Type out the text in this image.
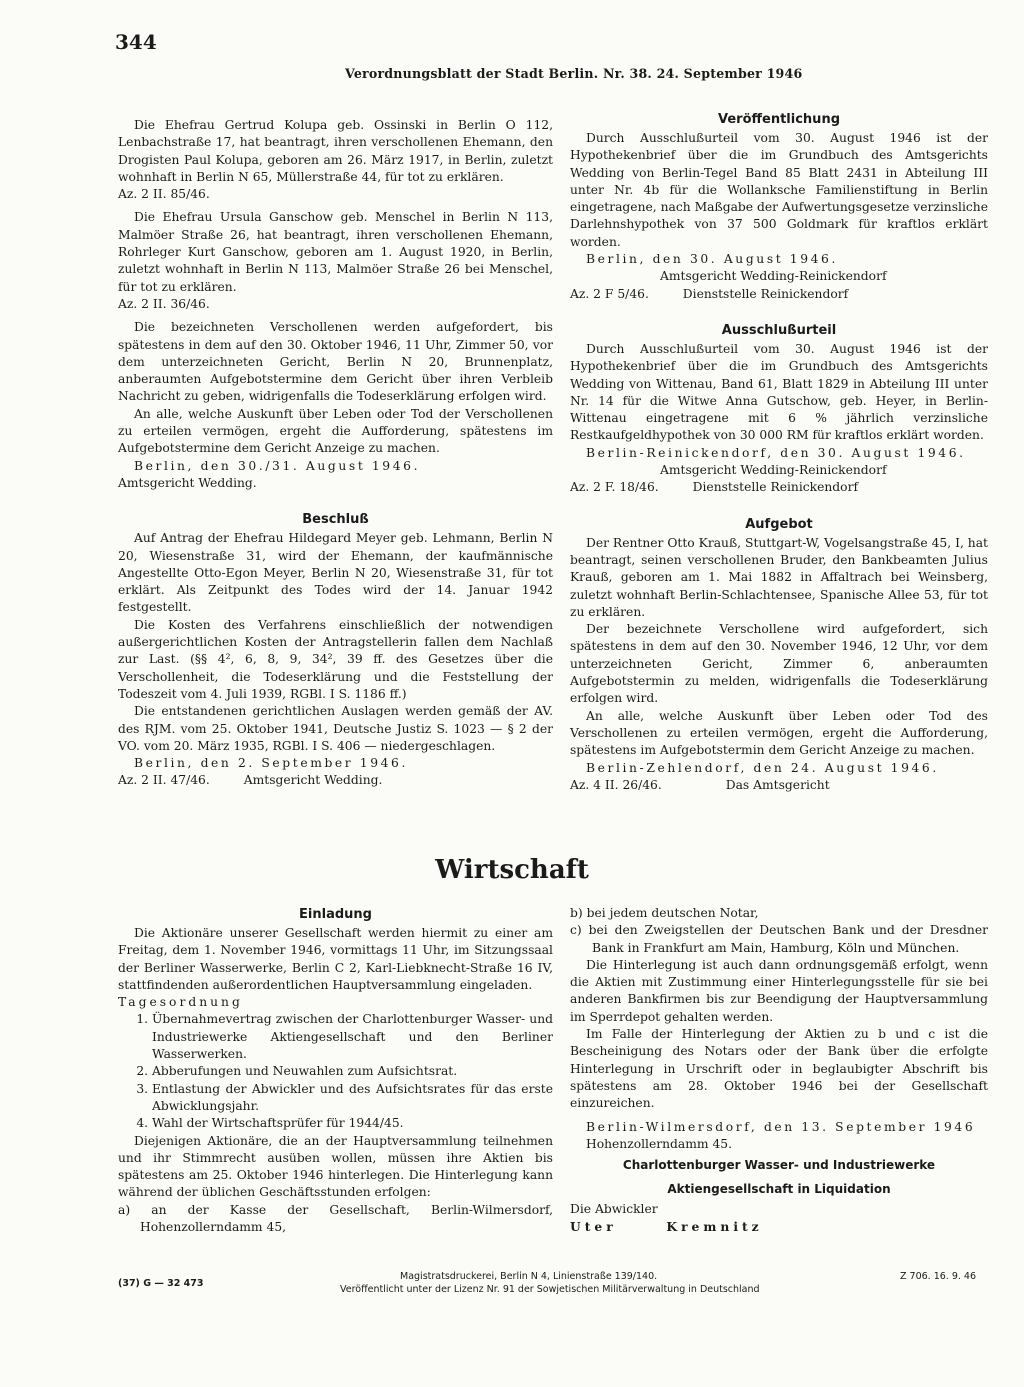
344
Verordnungsblatt der Stadt Berlin. Nr. 38. 24. September 1946

Die Ehefrau Gertrud Kolupa geb. Ossinski in Berlin O 112, Lenbachstraße 17, hat beantragt, ihren verschollenen Ehemann, den Drogisten Paul Kolupa, geboren am 26. März 1917, in Berlin, zuletzt wohnhaft in Berlin N 65, Müllerstraße 44, für tot zu erklären.

Az. 2 II. 85/46.

Die Ehefrau Ursula Ganschow geb. Menschel in Berlin N 113, Malmöer Straße 26, hat beantragt, ihren verschollenen Ehemann, Rohrleger Kurt Ganschow, geboren am 1. August 1920, in Berlin, zuletzt wohnhaft in Berlin N 113, Malmöer Straße 26 bei Menschel, für tot zu erklären.

Az. 2 II. 36/46.

Die bezeichneten Verschollenen werden aufgefordert, bis spätestens in dem auf den 30. Oktober 1946, 11 Uhr, Zimmer 50, vor dem unterzeichneten Gericht, Berlin N 20, Brunnenplatz, anberaumten Aufgebotstermine dem Gericht über ihren Verbleib Nachricht zu geben, widrigenfalls die Todeserklärung erfolgen wird.

An alle, welche Auskunft über Leben oder Tod der Verschollenen zu erteilen vermögen, ergeht die Aufforderung, spätestens im Aufgebotstermine dem Gericht Anzeige zu machen.

Berlin, den 30./31. August 1946.

Amtsgericht Wedding.

Beschluß

Auf Antrag der Ehefrau Hildegard Meyer geb. Lehmann, Berlin N 20, Wiesenstraße 31, wird der Ehemann, der kaufmännische Angestellte Otto-Egon Meyer, Berlin N 20, Wiesenstraße 31, für tot erklärt. Als Zeitpunkt des Todes wird der 14. Januar 1942 festgestellt.

Die Kosten des Verfahrens einschließlich der notwendigen außergerichtlichen Kosten der Antragstellerin fallen dem Nachlaß zur Last. (§§ 4², 6, 8, 9, 34², 39 ff. des Gesetzes über die Verschollenheit, die Todeserklärung und die Feststellung der Todeszeit vom 4. Juli 1939, RGBl. I S. 1186 ff.)

Die entstandenen gerichtlichen Auslagen werden gemäß der AV. des RJM. vom 25. Oktober 1941, Deutsche Justiz S. 1023 — § 2 der VO. vom 20. März 1935, RGBl. I S. 406 — niedergeschlagen.

Berlin, den 2. September 1946.

Az. 2 II. 47/46.	Amtsgericht Wedding.

Veröffentlichung

Durch Ausschlußurteil vom 30. August 1946 ist der Hypothekenbrief über die im Grundbuch des Amtsgerichts Wedding von Berlin-Tegel Band 85 Blatt 2431 in Abteilung III unter Nr. 4b für die Wollanksche Familienstiftung in Berlin eingetragene, nach Maßgabe der Aufwertungsgesetze verzinsliche Darlehnshypothek von 37 500 Goldmark für kraftlos erklärt worden.

Berlin, den 30. August 1946.

Amtsgericht Wedding-Reinickendorf

Az. 2 F 5/46.	Dienststelle Reinickendorf

Ausschlußurteil

Durch Ausschlußurteil vom 30. August 1946 ist der Hypothekenbrief über die im Grundbuch des Amtsgerichts Wedding von Wittenau, Band 61, Blatt 1829 in Abteilung III unter Nr. 14 für die Witwe Anna Gutschow, geb. Heyer, in Berlin-Wittenau eingetragene mit 6 % jährlich verzinsliche Restkaufgeldhypothek von 30 000 RM für kraftlos erklärt worden.

Berlin-Reinickendorf, den 30. August 1946.

Amtsgericht Wedding-Reinickendorf

Az. 2 F. 18/46.	Dienststelle Reinickendorf

Aufgebot

Der Rentner Otto Krauß, Stuttgart-W, Vogelsangstraße 45, I, hat beantragt, seinen verschollenen Bruder, den Bankbeamten Julius Krauß, geboren am 1. Mai 1882 in Affaltrach bei Weinsberg, zuletzt wohnhaft Berlin-Schlachtensee, Spanische Allee 53, für tot zu erklären.

Der bezeichnete Verschollene wird aufgefordert, sich spätestens in dem auf den 30. November 1946, 12 Uhr, vor dem unterzeichneten Gericht, Zimmer 6, anberaumten Aufgebotstermin zu melden, widrigenfalls die Todeserklärung erfolgen wird.

An alle, welche Auskunft über Leben oder Tod des Verschollenen zu erteilen vermögen, ergeht die Aufforderung, spätestens im Aufgebotstermin dem Gericht Anzeige zu machen.

Berlin-Zehlendorf, den 24. August 1946.

Az. 4 II. 26/46.	Das Amtsgericht

Wirtschaft
Einladung

Die Aktionäre unserer Gesellschaft werden hiermit zu einer am Freitag, dem 1. November 1946, vormittags 11 Uhr, im Sitzungssaal der Berliner Wasserwerke, Berlin C 2, Karl-Liebknecht-Straße 16 IV, stattfindenden außerordentlichen Hauptversammlung eingeladen.

Tagesordnung

1. Übernahmevertrag zwischen der Charlottenburger Wasser- und Industriewerke Aktiengesellschaft und den Berliner Wasserwerken.
2. Abberufungen und Neuwahlen zum Aufsichtsrat.
3. Entlastung der Abwickler und des Aufsichtsrates für das erste Abwicklungsjahr.
4. Wahl der Wirtschaftsprüfer für 1944/45.

Diejenigen Aktionäre, die an der Hauptversammlung teilnehmen und ihr Stimmrecht ausüben wollen, müssen ihre Aktien bis spätestens am 25. Oktober 1946 hinterlegen. Die Hinterlegung kann während der üblichen Geschäftsstunden erfolgen:

a) an der Kasse der Gesellschaft, Berlin-Wilmersdorf, Hohenzollerndamm 45,
b) bei jedem deutschen Notar,
c) bei den Zweigstellen der Deutschen Bank und der Dresdner Bank in Frankfurt am Main, Hamburg, Köln und München.

Die Hinterlegung ist auch dann ordnungsgemäß erfolgt, wenn die Aktien mit Zustimmung einer Hinterlegungsstelle für sie bei anderen Bankfirmen bis zur Beendigung der Hauptversammlung im Sperrdepot gehalten werden.

Im Falle der Hinterlegung der Aktien zu b und c ist die Bescheinigung des Notars oder der Bank über die erfolgte Hinterlegung in Urschrift oder in beglaubigter Abschrift bis spätestens am 28. Oktober 1946 bei der Gesellschaft einzureichen.

Berlin-Wilmersdorf, den 13. September 1946

Hohenzollerndamm 45.

Charlottenburger Wasser- und Industriewerke
Aktiengesellschaft in Liquidation

Die Abwickler

Uter      Kremnitz

(37) G — 32 473
Magistratsdruckerei, Berlin N 4, Linienstraße 139/140.
Veröffentlicht unter der Lizenz Nr. 91 der Sowjetischen Militärverwaltung in Deutschland
Z 706. 16. 9. 46
